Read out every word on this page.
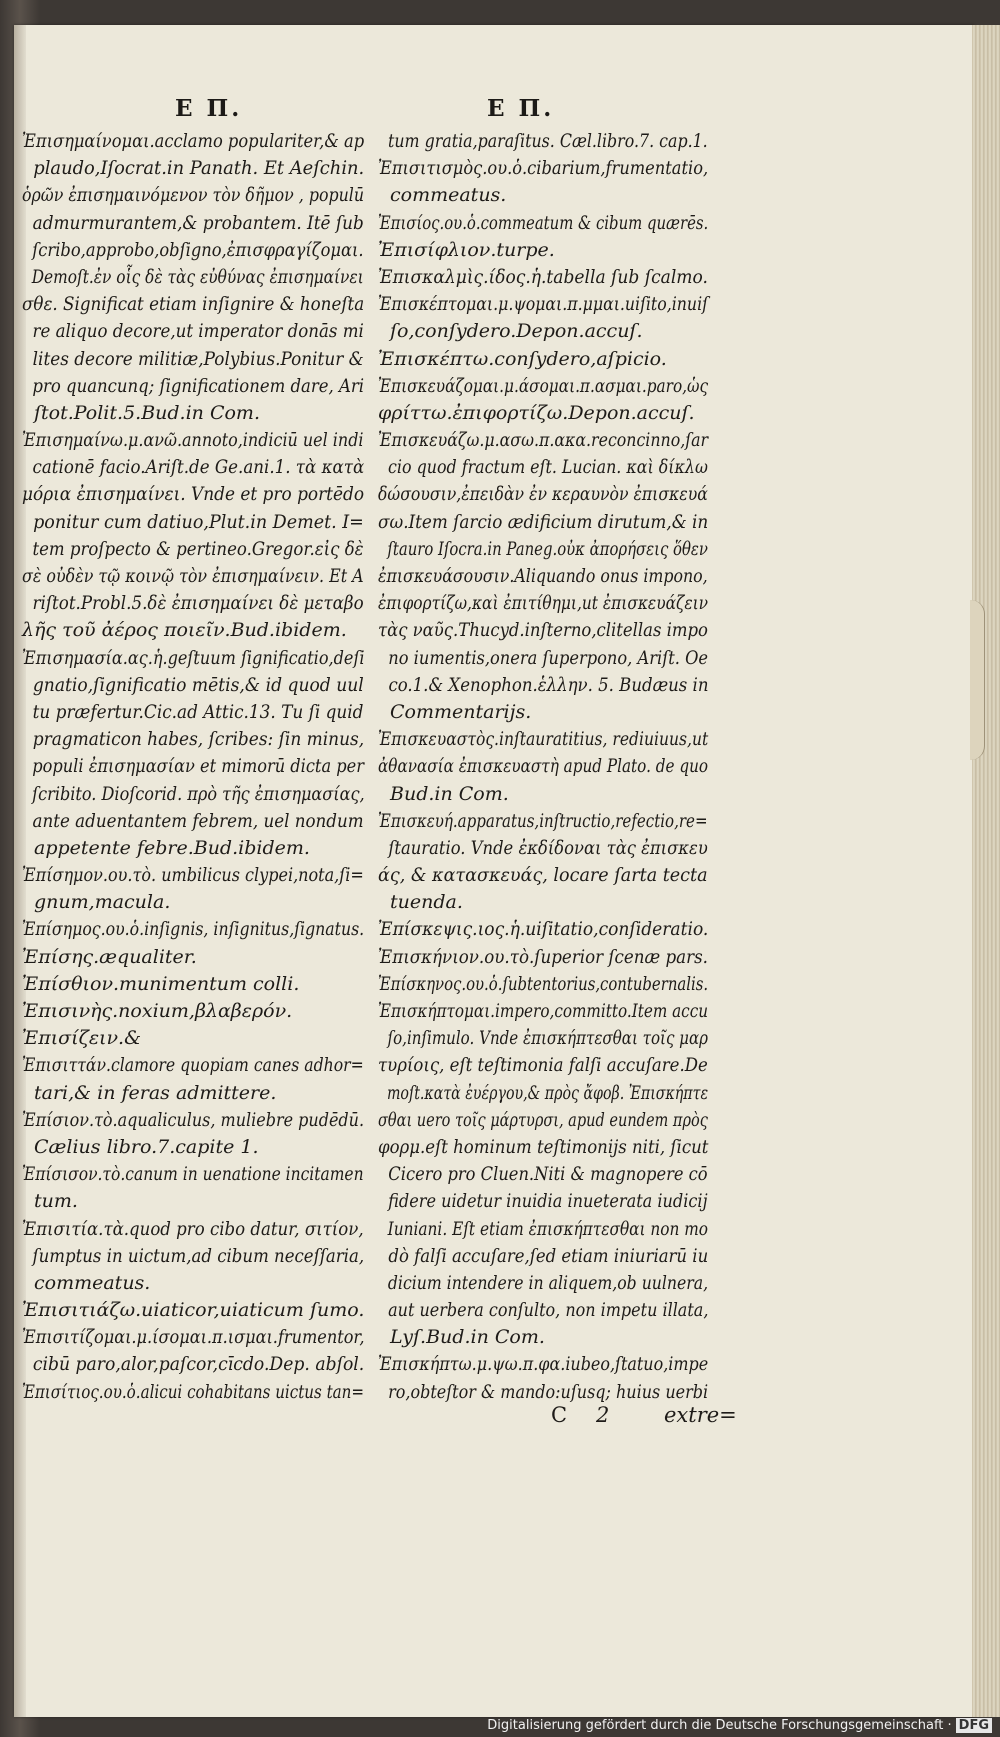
E Π.	E Π.
Ἐπισημαίνομαι.acclamo populariter,& ap
plaudo,Iſocrat.in Panath. Et Aeſchin.
ὁρῶν ἐπισημαινόμενον τὸν δῆμον , populū
admurmurantem,& probantem. Itē ſub
ſcribo,approbo,obſigno,ἐπισφραγίζομαι.
Demoſt.ἐν οἷς δὲ τὰς εὐθύνας ἐπισημαίνει
σθε. Significat etiam inſignire & honeſta
re aliquo decore,ut imperator donās mi
lites decore militiæ,Polybius.Ponitur &
pro quancunq; ſignificationem dare, Ari
ſtot.Polit.5.Bud.in Com.
Ἐπισημαίνω.μ.ανῶ.annoto,indiciū uel indi
cationē facio.Ariſt.de Ge.ani.1. τὰ κατὰ
μόρια ἐπισημαίνει. Vnde et pro portēdo
ponitur cum datiuo,Plut.in Demet. I=
tem proſpecto & pertineo.Gregor.εἰς δὲ
σὲ οὐδὲν τῷ κοινῷ τὸν ἐπισημαίνειν. Et A
riſtot.Probl.5.δὲ ἐπισημαίνει δὲ μεταβο
λῆς τοῦ ἀέρος ποιεῖν.Bud.ibidem.
Ἐπισημασία.ας.ἡ.geſtuum ſignificatio,deſi
gnatio,ſignificatio mētis,& id quod uul
tu præfertur.Cic.ad Attic.13. Tu ſi quid
pragmaticon habes, ſcribes: ſin minus,
populi ἐπισημασίαν et mimorū dicta per
ſcribito. Dioſcorid. πρὸ τῆς ἐπισημασίας,
ante aduentantem febrem, uel nondum
appetente febre.Bud.ibidem.
Ἐπίσημον.ου.τὸ. umbilicus clypei,nota,ſi=
gnum,macula.
Ἐπίσημος.ου.ὁ.inſignis, inſignitus,ſignatus.
Ἐπίσης.æqualiter.
Ἐπίσθιον.munimentum colli.
Ἐπισινὴς.noxium,βλαβερόν.
Ἐπισίζειν.&
Ἐπισιττάν.clamore quopiam canes adhor=
tari,& in feras admittere.
Ἐπίσιον.τὸ.aqualiculus, muliebre pudēdū.
Cælius libro.7.capite 1.
Ἐπίσισον.τὸ.canum in uenatione incitamen
tum.
Ἐπισιτία.τὰ.quod pro cibo datur, σιτίον,
ſumptus in uictum,ad cibum neceſſaria,
commeatus.
Ἐπισιτιάζω.uiaticor,uiaticum ſumo.
Ἐπισιτίζομαι.μ.ίσομαι.π.ισμαι.frumentor,
cibū paro,alor,paſcor,cīcdo.Dep. abſol.
Ἐπισίτιος.ου.ὁ.alicui cohabitans uictus tan=
tum gratia,paraſitus. Cæl.libro.7. cap.1.
Ἐπισιτισμὸς.ου.ὁ.cibarium,frumentatio,
commeatus.
Ἐπισίος.ου.ὁ.commeatum & cibum quærēs.
Ἐπισίφλιον.turpe.
Ἐπισκαλμὶς.ίδος.ἡ.tabella ſub ſcalmo.
Ἐπισκέπτομαι.μ.ψομαι.π.μμαι.uiſito,inuiſ
ſo,conſydero.Depon.accuſ.
Ἐπισκέπτω.conſydero,aſpicio.
Ἐπισκευάζομαι.μ.άσομαι.π.ασμαι.paro,ὡς
φρίττω.ἐπιφορτίζω.Depon.accuſ.
Ἐπισκευάζω.μ.ασω.π.ακα.reconcinno,ſar
cio quod fractum eſt. Lucian. καὶ δίκλω
δώσουσιν,ἐπειδὰν ἐν κεραυνὸν ἐπισκευά
σω.Item ſarcio ædificium dirutum,& in
ſtauro Iſocra.in Paneg.οὐκ ἀπορήσεις ὅθεν
ἐπισκευάσουσιν.Aliquando onus impono,
ἐπιφορτίζω,καὶ ἐπιτίθημι,ut ἐπισκευάζειν
τὰς ναῦς.Thucyd.inſterno,clitellas impo
no iumentis,onera ſuperpono, Ariſt. Oe
co.1.& Xenophon.ἑλλην. 5. Budæus in
Commentarijs.
Ἐπισκευαστὸς.inſtauratitius, rediuiuus,ut
ἀθανασία ἐπισκευαστὴ apud Plato. de quo
Bud.in Com.
Ἐπισκευή.apparatus,inſtructio,refectio,re=
ſtauratio. Vnde ἐκδίδοναι τὰς ἐπισκευ
άς, & κατασκευάς, locare ſarta tecta
tuenda.
Ἐπίσκεψις.ιος.ἡ.uiſitatio,conſideratio.
Ἐπισκήνιον.ου.τὸ.ſuperior ſcenæ pars.
Ἐπίσκηνος.ου.ὁ.ſubtentorius,contubernalis.
Ἐπισκήπτομαι.impero,committo.Item accu
ſo,inſimulo. Vnde ἐπισκήπτεσθαι τοῖς μαρ
τυρίοις, eſt teſtimonia falſi accuſare.De
moſt.κατὰ ἐυέργου,& πρὸς ἄφοβ. Ἐπισκήπτε
σθαι uero τοῖς μάρτυρσι, apud eundem πρὸς
φορμ.eſt hominum teſtimonijs niti, ſicut
Cicero pro Cluen.Niti & magnopere cō
fidere uidetur inuidia inueterata iudicij
Iuniani. Eſt etiam ἐπισκήπτεσθαι non mo
dò falſi accuſare,ſed etiam iniuriarū iu
dicium intendere in aliquem,ob uulnera,
aut uerbera conſulto, non impetu illata,
Lyſ.Bud.in Com.
Ἐπισκήπτω.μ.ψω.π.φα.iubeo,ſtatuo,impe
ro,obteſtor & mando:uſusq; huius uerbi
C 2	extre=
Digitalisierung gefördert durch die Deutsche Forschungsgemeinschaft · DFG
